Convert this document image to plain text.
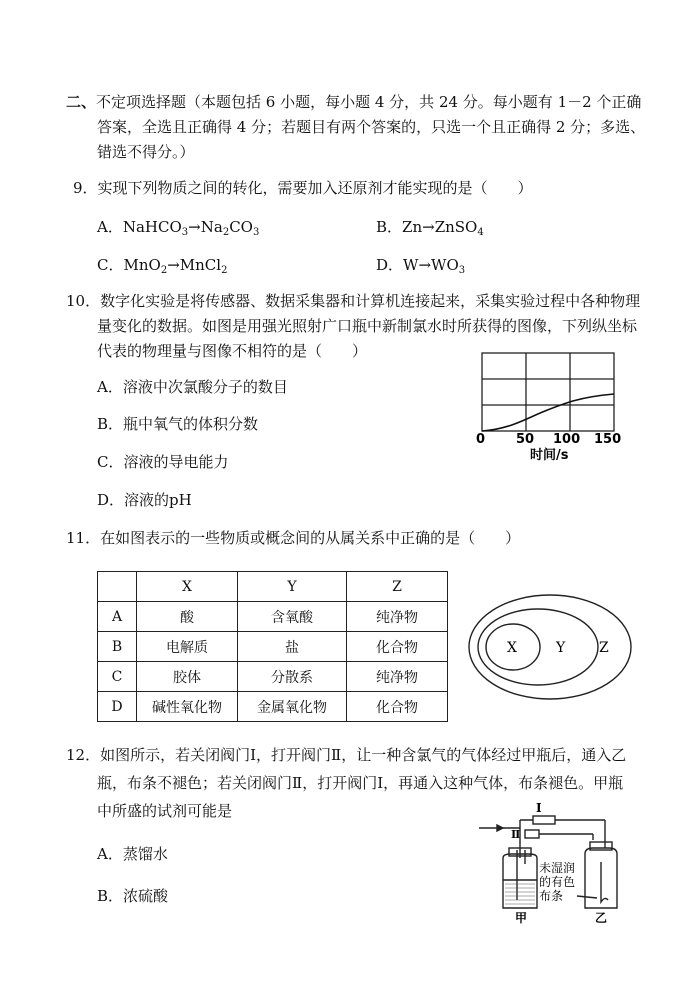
二、不定项选择题（本题包括 6 小题，每小题 4 分，共 24 分。每小题有 1－2 个正确
答案，全选且正确得 4 分；若题目有两个答案的，只选一个且正确得 2 分；多选、
错选不得分。）
9．实现下列物质之间的转化，需要加入还原剂才能实现的是（　　）
A．$NaHCO_3\to Na_2CO_3$	B．Zn→ZnSO$_4$
C．MnO$_2$→MnCl$_2$	D．$W\to WO_3$
10．数字化实验是将传感器、数据采集器和计算机连接起来，采集实验过程中各种物理
量变化的数据。如图是用强光照射广口瓶中新制氯水时所获得的图像，下列纵坐标
代表的物理量与图像不相符的是（　　）
A．溶液中次氯酸分子的数目
B．瓶中氧气的体积分数
C．溶液的导电能力
D．溶液的pH
0 50 100 150
时间/s
11．在如图表示的一些物质或概念间的从属关系中正确的是（　　）
	X	Y	Z
A	酸	含氧酸	纯净物
B	电解质	盐	化合物
C	胶体	分散系	纯净物
D	碱性氧化物	金属氧化物	化合物
X	Y Z
12．如图所示，若关闭阀门Ⅰ，打开阀门Ⅱ，让一种含氯气的气体经过甲瓶后，通入乙
瓶，布条不褪色；若关闭阀门Ⅱ，打开阀门Ⅰ，再通入这种气体，布条褪色。甲瓶
中所盛的试剂可能是
A．蒸馏水
B．浓硫酸
Ⅰ
Ⅱ
未湿润
的有色
布条
甲	乙
